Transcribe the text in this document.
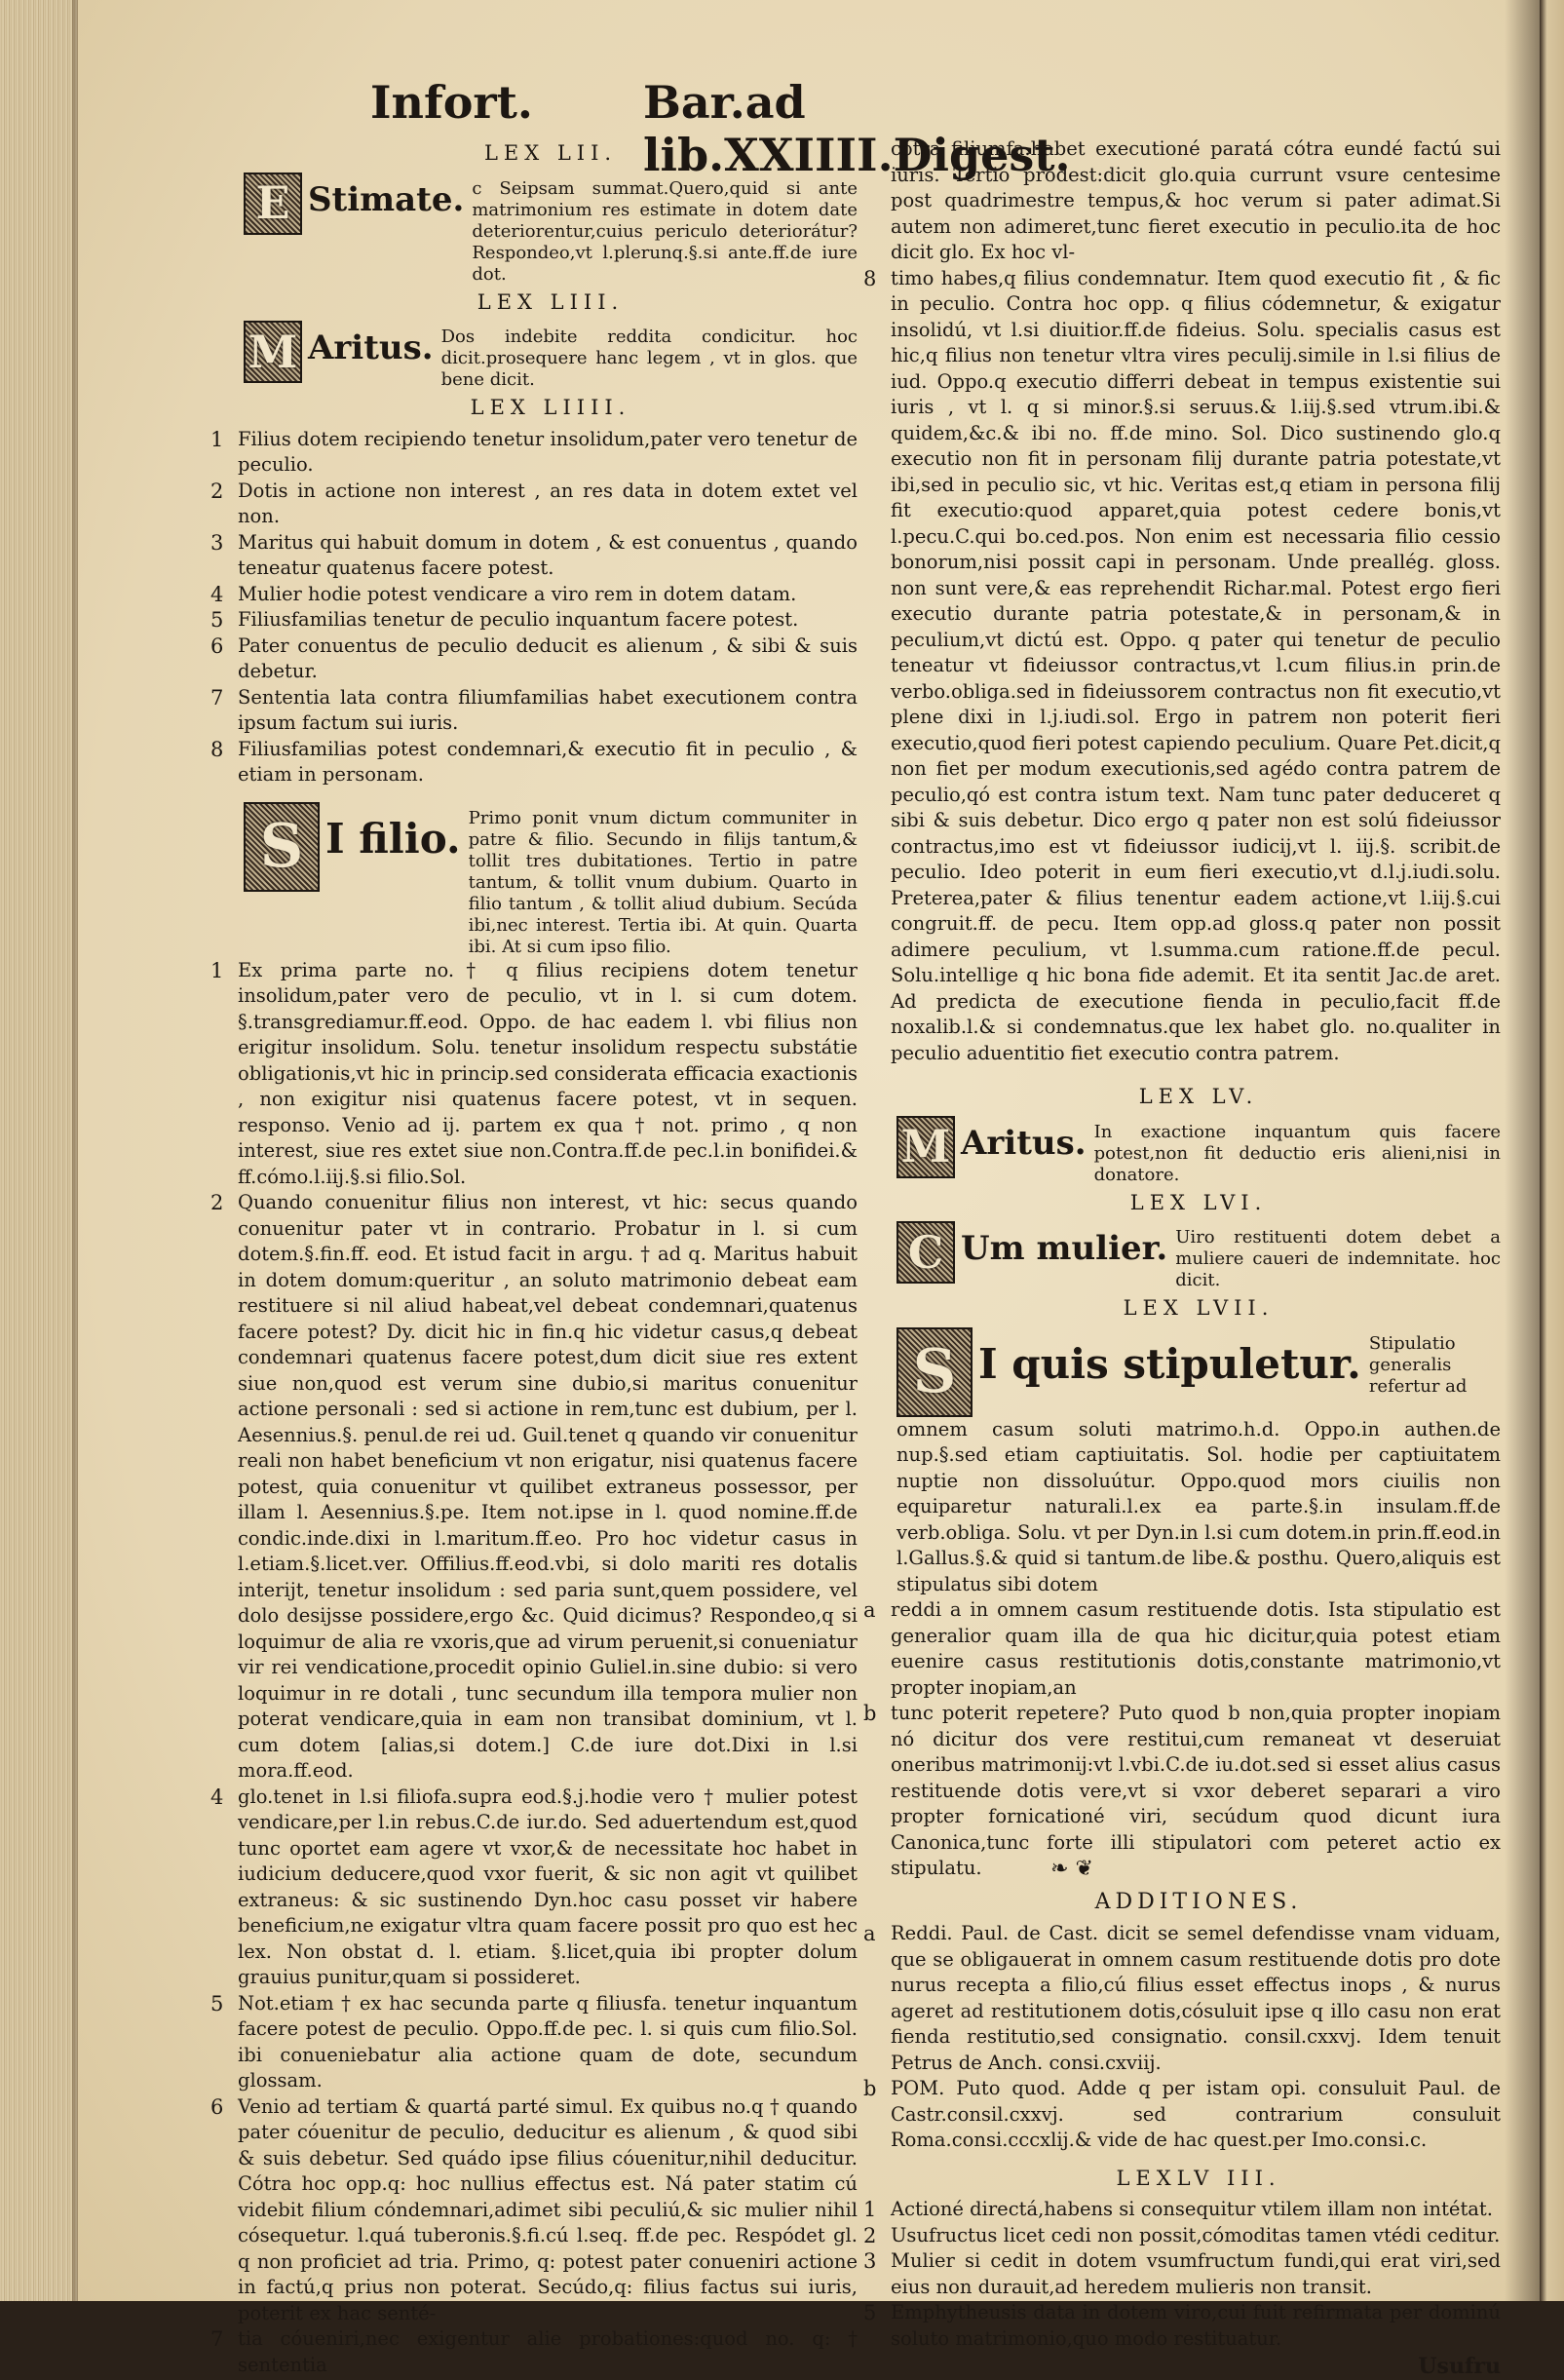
Infort. Bar.ad lib.XXIIII.Digest.
LEX LII.
E Stimate. c Seipsam summat.Quero,quid si ante matrimonium res estimate in dotem date deteriorentur,cuius periculo deteriorátur? Respondeo,vt l.plerunq.§.si ante.ff.de iure dot.
LEX LIII.
M Aritus. Dos indebite reddita condicitur. hoc dicit.prosequere hanc legem , vt in glos. que bene dicit.
LEX LIIII.
1 Filius dotem recipiendo tenetur insolidum,pater vero tenetur de peculio.
2 Dotis in actione non interest , an res data in dotem extet vel non.
3 Maritus qui habuit domum in dotem , & est conuentus , quando teneatur quatenus facere potest.
4 Mulier hodie potest vendicare a viro rem in dotem datam.
5 Filiusfamilias tenetur de peculio inquantum facere potest.
6 Pater conuentus de peculio deducit es alienum , & sibi & suis debetur.
7 Sententia lata contra filiumfamilias habet executionem contra ipsum factum sui iuris.
8 Filiusfamilias potest condemnari,& executio fit in peculio , & etiam in personam.
S I filio. Primo ponit vnum dictum communiter in patre & filio. Secundo in filijs tantum,& tollit tres dubitationes. Tertio in patre tantum, & tollit vnum dubium. Quarto in filio tantum , & tollit aliud dubium. Secúda ibi,nec interest. Tertia ibi. At quin. Quarta ibi. At si cum ipso filio.
1 Ex prima parte no.† q filius recipiens dotem tenetur insolidum,pater vero de peculio, vt in l. si cum dotem. §.transgrediamur.ff.eod. Oppo. de hac eadem l. vbi filius non erigitur insolidum. Solu. tenetur insolidum respectu substátie obligationis,vt hic in princip.sed considerata efficacia exactionis , non exigitur nisi quatenus facere potest, vt in sequen. responso. Venio ad ij. partem ex qua † not. primo , q non interest, siue res extet siue non.Contra.ff.de pec.l.in bonifidei.& ff.cómo.l.iij.§.si filio.Sol.
2 Quando conuenitur filius non interest, vt hic: secus quando conuenitur pater vt in contrario. Probatur in l. si cum dotem.§.fin.ff. eod. Et istud facit in argu. † ad q. Maritus habuit in dotem domum:queritur , an soluto matrimonio debeat eam restituere si nil aliud habeat,vel debeat condemnari,quatenus facere potest? Dy. dicit hic in fin.q hic videtur casus,q debeat condemnari quatenus facere potest,dum dicit siue res extent siue non,quod est verum sine dubio,si maritus conuenitur actione personali : sed si actione in rem,tunc est dubium, per l. Aesennius.§. penul.de rei ud. Guil.tenet q quando vir conuenitur reali non habet beneficium vt non erigatur, nisi quatenus facere potest, quia conuenitur vt quilibet extraneus possessor, per illam l. Aesennius.§.pe. Item not.ipse in l. quod nomine.ff.de condic.inde.dixi in l.maritum.ff.eo. Pro hoc videtur casus in l.etiam.§.licet.ver. Offilius.ff.eod.vbi, si dolo mariti res dotalis interijt, tenetur insolidum : sed paria sunt,quem possidere, vel dolo desijsse possidere,ergo &c. Quid dicimus? Respondeo,q si loquimur de alia re vxoris,que ad virum peruenit,si conueniatur vir rei vendicatione,procedit opinio Guliel.in.sine dubio: si vero loquimur in re dotali , tunc secundum illa tempora mulier non poterat vendicare,quia in eam non transibat dominium, vt l. cum dotem [alias,si dotem.] C.de iure dot.Dixi in l.si mora.ff.eod.
4 glo.tenet in l.si filiofa.supra eod.§.j.hodie vero † mulier potest vendicare,per l.in rebus.C.de iur.do. Sed aduertendum est,quod tunc oportet eam agere vt vxor,& de necessitate hoc habet in iudicium deducere,quod vxor fuerit, & sic non agit vt quilibet extraneus: & sic sustinendo Dyn.hoc casu posset vir habere beneficium,ne exigatur vltra quam facere possit pro quo est hec lex. Non obstat d. l. etiam. §.licet,quia ibi propter dolum grauius punitur,quam si possideret.
5 Not.etiam † ex hac secunda parte q filiusfa. tenetur inquantum facere potest de peculio. Oppo.ff.de pec. l. si quis cum filio.Sol. ibi conueniebatur alia actione quam de dote, secundum glossam.
6 Venio ad tertiam & quartá parté simul. Ex quibus no.q † quando pater cóuenitur de peculio, deducitur es alienum , & quod sibi & suis debetur. Sed quádo ipse filius cóuenitur,nihil deducitur. Cótra hoc opp.q: hoc nullius effectus est. Ná pater statim cú videbit filium cóndemnari,adimet sibi peculiú,& sic mulier nihil cósequetur. l.quá tuberonis.§.fi.cú l.seq. ff.de pec. Respódet gl. q non proficiet ad tria. Primo, q: potest pater conueniri actione in factú,q prius non poterat. Secúdo,q: filius factus sui iuris, poterit ex hac senté-
7 tia cóueniri,nec exigentur alie probationes:quod no. q: † sententia
cótra filiumfa.habet executioné paratá cótra eundé factú sui iuris. Tertio prodest:dicit glo.quia currunt vsure centesime post quadrimestre tempus,& hoc verum si pater adimat.Si autem non adimeret,tunc fieret executio in peculio.ita de hoc dicit glo. Ex hoc vl-
8 timo habes,q filius condemnatur. Item quod executio fit , & fic in peculio. Contra hoc opp. q filius códemnetur, & exigatur insolidú, vt l.si diuitior.ff.de fideius. Solu. specialis casus est hic,q filius non tenetur vltra vires peculij.simile in l.si filius de iud. Oppo.q executio differri debeat in tempus existentie sui iuris , vt l. q si minor.§.si seruus.& l.iij.§.sed vtrum.ibi.& quidem,&c.& ibi no. ff.de mino. Sol. Dico sustinendo glo.q executio non fit in personam filij durante patria potestate,vt ibi,sed in peculio sic, vt hic. Veritas est,q etiam in persona filij fit executio:quod apparet,quia potest cedere bonis,vt l.pecu.C.qui bo.ced.pos. Non enim est necessaria filio cessio bonorum,nisi possit capi in personam. Unde preallég. gloss. non sunt vere,& eas reprehendit Richar.mal. Potest ergo fieri executio durante patria potestate,& in personam,& in peculium,vt dictú est. Oppo. q pater qui tenetur de peculio teneatur vt fideiussor contractus,vt l.cum filius.in prin.de verbo.obliga.sed in fideiussorem contractus non fit executio,vt plene dixi in l.j.iudi.sol. Ergo in patrem non poterit fieri executio,quod fieri potest capiendo peculium. Quare Pet.dicit,q non fiet per modum executionis,sed agédo contra patrem de peculio,qó est contra istum text. Nam tunc pater deduceret q sibi & suis debetur. Dico ergo q pater non est solú fideiussor contractus,imo est vt fideiussor iudicij,vt l. iij.§. scribit.de peculio. Ideo poterit in eum fieri executio,vt d.l.j.iudi.solu. Preterea,pater & filius tenentur eadem actione,vt l.iij.§.cui congruit.ff. de pecu. Item opp.ad gloss.q pater non possit adimere peculium, vt l.summa.cum ratione.ff.de pecul. Solu.intellige q hic bona fide ademit. Et ita sentit Jac.de aret. Ad predicta de executione fienda in peculio,facit ff.de noxalib.l.& si condemnatus.que lex habet glo. no.qualiter in peculio aduentitio fiet executio contra patrem.
LEX LV.
M Aritus. In exactione inquantum quis facere potest,non fit deductio eris alieni,nisi in donatore.
LEX LVI.
C Um mulier. Uiro restituenti dotem debet a muliere caueri de indemnitate. hoc dicit.
LEX LVII.
S I quis stipuletur. Stipulatio generalis refertur ad

omnem casum soluti matrimo.h.d. Oppo.in authen.de nup.§.sed etiam captiuitatis. Sol. hodie per captiuitatem nuptie non dissoluútur. Oppo.quod mors ciuilis non equiparetur naturali.l.ex ea parte.§.in insulam.ff.de verb.obliga. Solu. vt per Dyn.in l.si cum dotem.in prin.ff.eod.in l.Gallus.§.& quid si tantum.de libe.& posthu. Quero,aliquis est stipulatus sibi dotem

a reddi a in omnem casum restituende dotis. Ista stipulatio est generalior quam illa de qua hic dicitur,quia potest etiam euenire casus restitutionis dotis,constante matrimonio,vt propter inopiam,an
b tunc poterit repetere? Puto quod b non,quia propter inopiam nó dicitur dos vere restitui,cum remaneat vt deseruiat oneribus matrimonij:vt l.vbi.C.de iu.dot.sed si esset alius casus restituende dotis vere,vt si vxor deberet separari a viro propter fornicationé viri, secúdum quod dicunt iura Canonica,tunc forte illi stipulatori com peteret actio ex stipulatu.
ADDITIONES.
a Reddi. Paul. de Cast. dicit se semel defendisse vnam viduam, que se obligauerat in omnem casum restituende dotis pro dote nurus recepta a filio,cú filius esset effectus inops , & nurus ageret ad restitutionem dotis,cósuluit ipse q illo casu non erat fienda restitutio,sed consignatio. consil.cxxvj. Idem tenuit Petrus de Anch. consi.cxviij.
b POM. Puto quod. Adde q per istam opi. consuluit Paul. de Castr.consil.cxxvj. sed contrarium consuluit Roma.consi.cccxlij.& vide de hac quest.per Imo.consi.c.
LEXLV III.
1 Actioné directá,habens si consequitur vtilem illam non intétat.
2 Usufructus licet cedi non possit,cómoditas tamen vtédi ceditur.
3 Mulier si cedit in dotem vsumfructum fundi,qui erat viri,sed eius non durauit,ad heredem mulieris non transit.
5 Emphytheusis data in dotem viro,cui fuit refirmata per dominú soluto matrimonio,quo modo restituatur.
Usufru
❧ ❦
